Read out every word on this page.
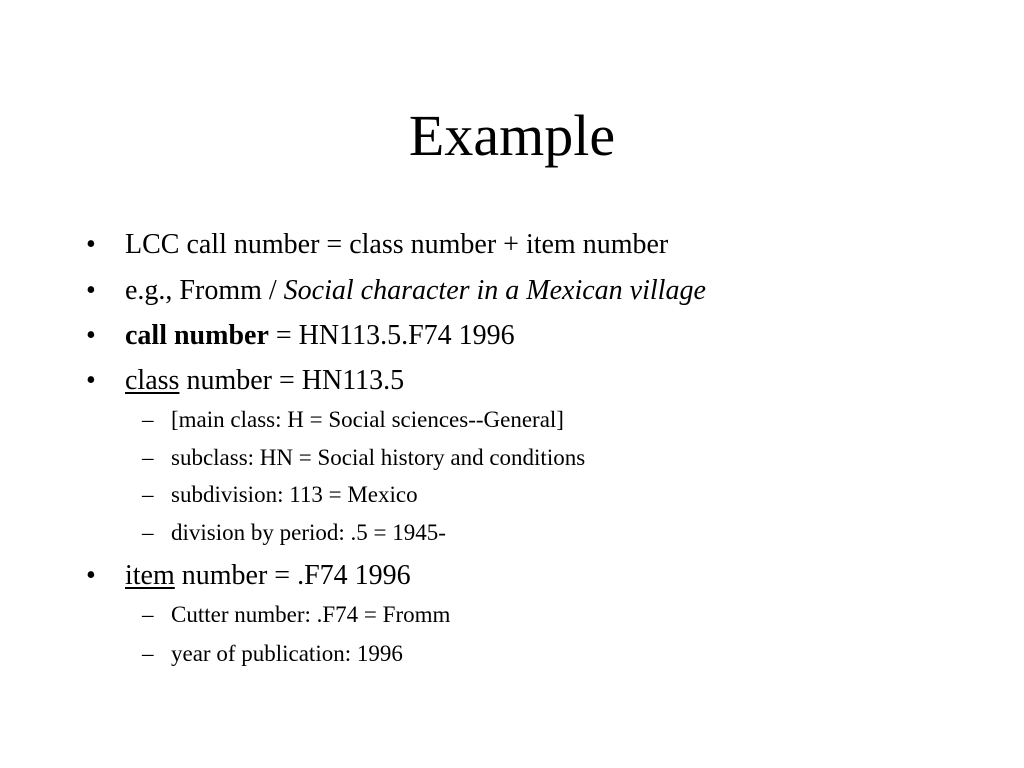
Example
• LCC call number = class number + item number
• e.g., Fromm / Social character in a Mexican village
• call number = HN113.5.F74 1996
• class number = HN113.5
– [main class: H = Social sciences--General]
– subclass: HN = Social history and conditions
– subdivision: 113 = Mexico
– division by period: .5 = 1945-
• item number = .F74 1996
– Cutter number: .F74 = Fromm
– year of publication: 1996
